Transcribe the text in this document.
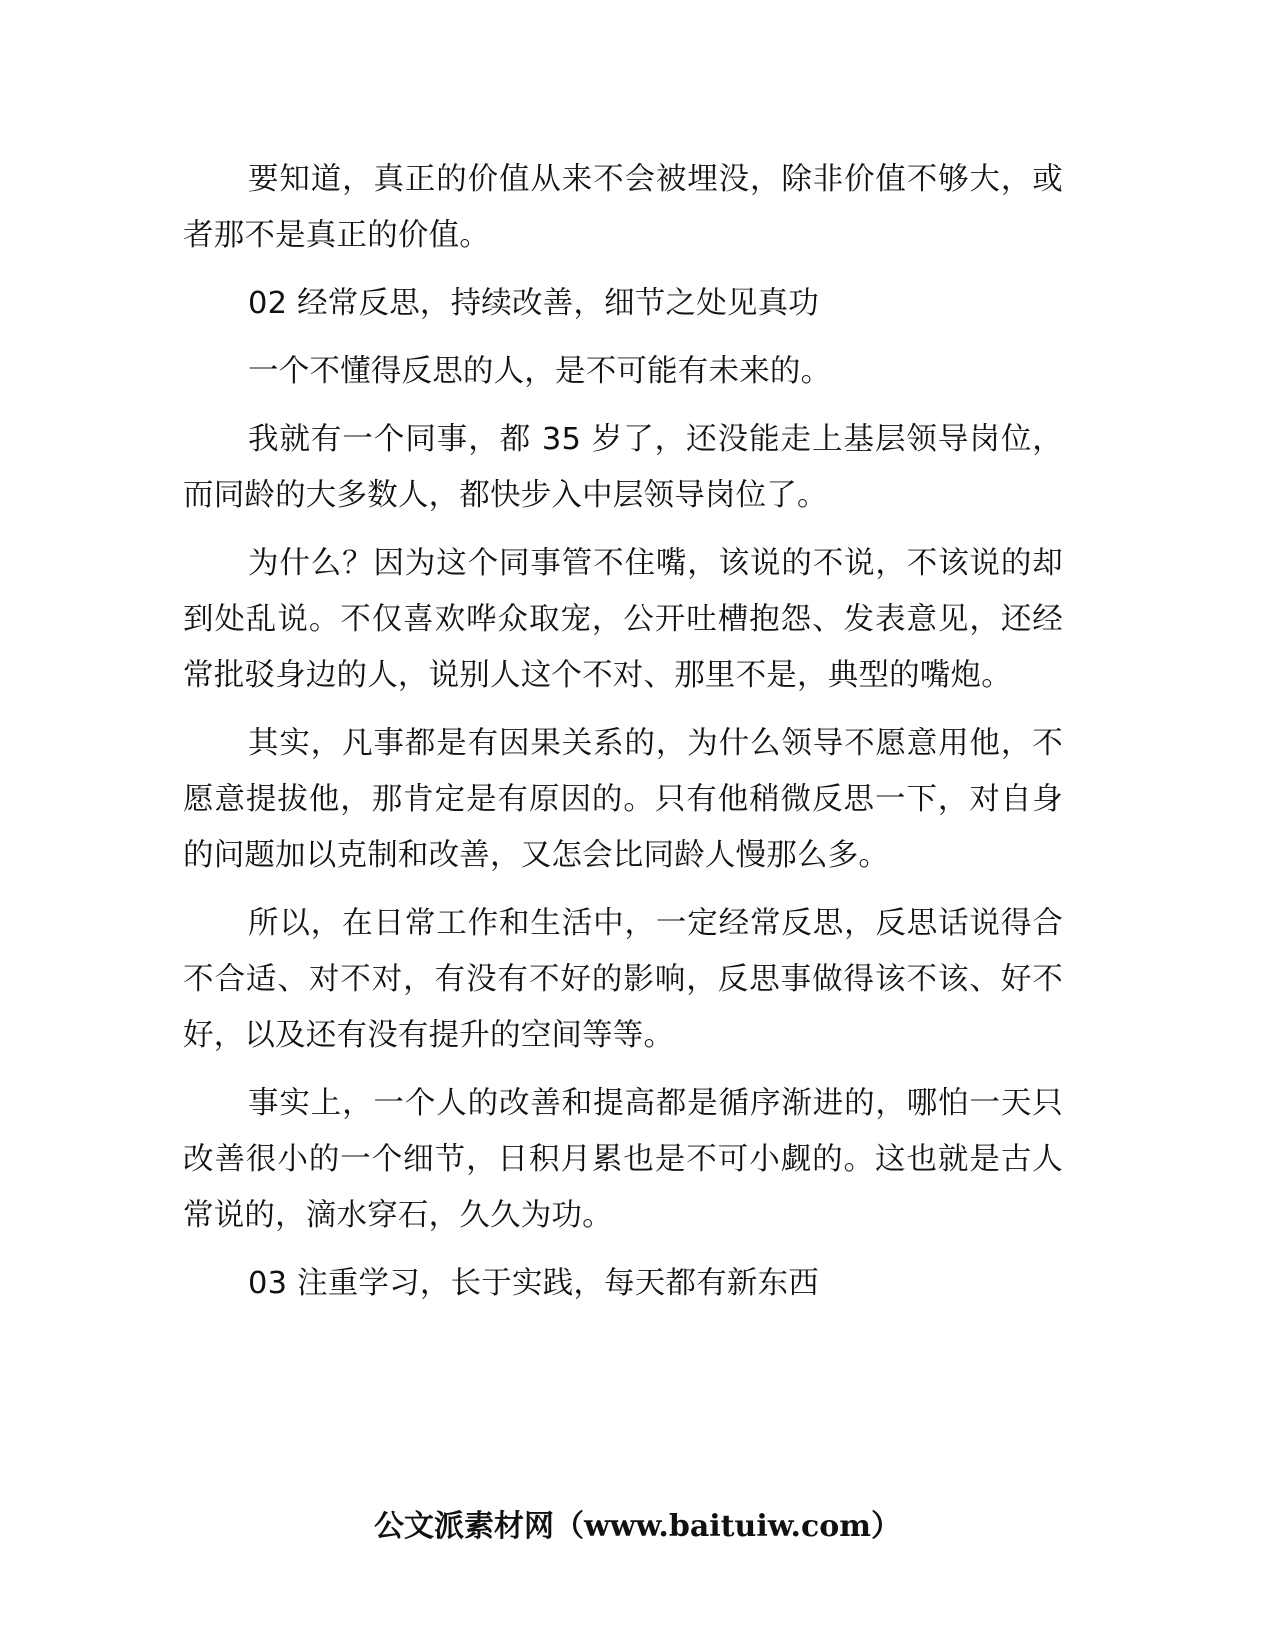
要知道，真正的价值从来不会被埋没，除非价值不够大，或者那不是真正的价值。

02 经常反思，持续改善，细节之处见真功

一个不懂得反思的人，是不可能有未来的。

我就有一个同事，都 35 岁了，还没能走上基层领导岗位，而同龄的大多数人，都快步入中层领导岗位了。

为什么？因为这个同事管不住嘴，该说的不说，不该说的却到处乱说。不仅喜欢哗众取宠，公开吐槽抱怨、发表意见，还经常批驳身边的人，说别人这个不对、那里不是，典型的嘴炮。

其实，凡事都是有因果关系的，为什么领导不愿意用他，不愿意提拔他，那肯定是有原因的。只有他稍微反思一下，对自身的问题加以克制和改善，又怎会比同龄人慢那么多。

所以，在日常工作和生活中，一定经常反思，反思话说得合不合适、对不对，有没有不好的影响，反思事做得该不该、好不好，以及还有没有提升的空间等等。

事实上，一个人的改善和提高都是循序渐进的，哪怕一天只改善很小的一个细节，日积月累也是不可小觑的。这也就是古人常说的，滴水穿石，久久为功。

03 注重学习，长于实践，每天都有新东西

公文派素材网（www.baituiw.com）
